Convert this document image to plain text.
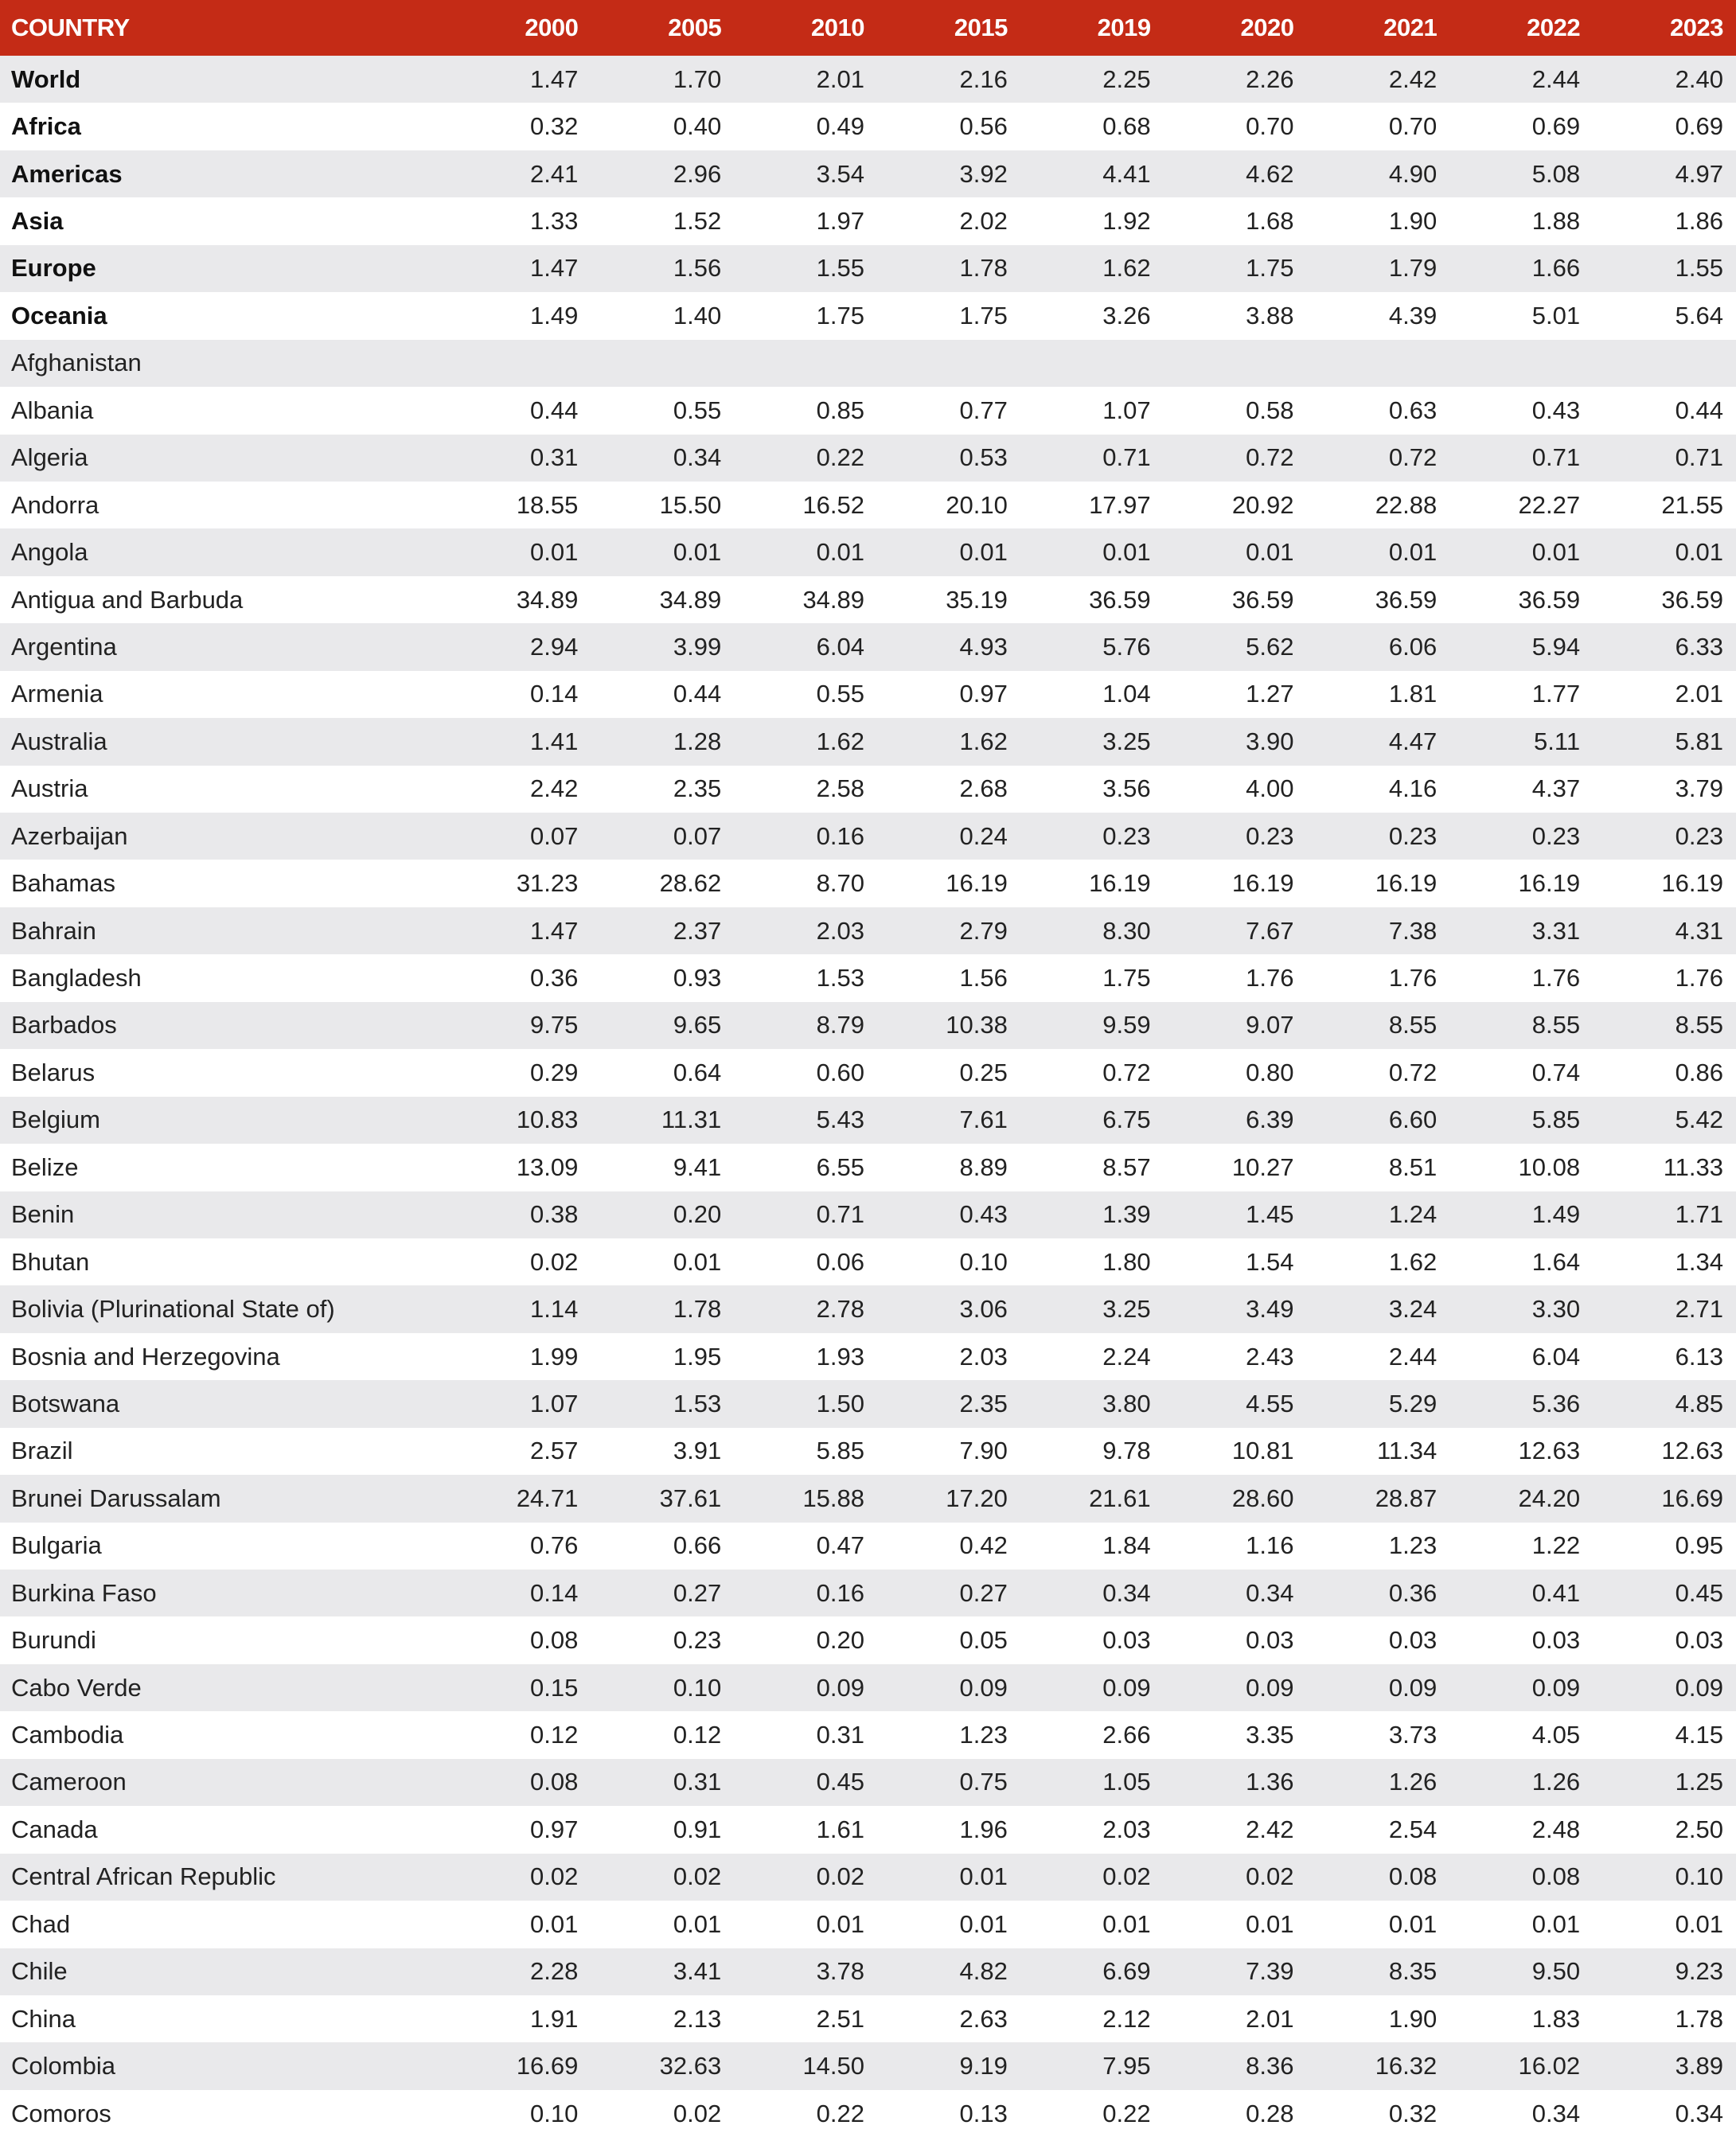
COUNTRY	2000	2005	2010	2015	2019	2020	2021	2022	2023
World	1.47	1.70	2.01	2.16	2.25	2.26	2.42	2.44	2.40
Africa	0.32	0.40	0.49	0.56	0.68	0.70	0.70	0.69	0.69
Americas	2.41	2.96	3.54	3.92	4.41	4.62	4.90	5.08	4.97
Asia	1.33	1.52	1.97	2.02	1.92	1.68	1.90	1.88	1.86
Europe	1.47	1.56	1.55	1.78	1.62	1.75	1.79	1.66	1.55
Oceania	1.49	1.40	1.75	1.75	3.26	3.88	4.39	5.01	5.64
Afghanistan									
Albania	0.44	0.55	0.85	0.77	1.07	0.58	0.63	0.43	0.44
Algeria	0.31	0.34	0.22	0.53	0.71	0.72	0.72	0.71	0.71
Andorra	18.55	15.50	16.52	20.10	17.97	20.92	22.88	22.27	21.55
Angola	0.01	0.01	0.01	0.01	0.01	0.01	0.01	0.01	0.01
Antigua and Barbuda	34.89	34.89	34.89	35.19	36.59	36.59	36.59	36.59	36.59
Argentina	2.94	3.99	6.04	4.93	5.76	5.62	6.06	5.94	6.33
Armenia	0.14	0.44	0.55	0.97	1.04	1.27	1.81	1.77	2.01
Australia	1.41	1.28	1.62	1.62	3.25	3.90	4.47	5.11	5.81
Austria	2.42	2.35	2.58	2.68	3.56	4.00	4.16	4.37	3.79
Azerbaijan	0.07	0.07	0.16	0.24	0.23	0.23	0.23	0.23	0.23
Bahamas	31.23	28.62	8.70	16.19	16.19	16.19	16.19	16.19	16.19
Bahrain	1.47	2.37	2.03	2.79	8.30	7.67	7.38	3.31	4.31
Bangladesh	0.36	0.93	1.53	1.56	1.75	1.76	1.76	1.76	1.76
Barbados	9.75	9.65	8.79	10.38	9.59	9.07	8.55	8.55	8.55
Belarus	0.29	0.64	0.60	0.25	0.72	0.80	0.72	0.74	0.86
Belgium	10.83	11.31	5.43	7.61	6.75	6.39	6.60	5.85	5.42
Belize	13.09	9.41	6.55	8.89	8.57	10.27	8.51	10.08	11.33
Benin	0.38	0.20	0.71	0.43	1.39	1.45	1.24	1.49	1.71
Bhutan	0.02	0.01	0.06	0.10	1.80	1.54	1.62	1.64	1.34
Bolivia (Plurinational State of)	1.14	1.78	2.78	3.06	3.25	3.49	3.24	3.30	2.71
Bosnia and Herzegovina	1.99	1.95	1.93	2.03	2.24	2.43	2.44	6.04	6.13
Botswana	1.07	1.53	1.50	2.35	3.80	4.55	5.29	5.36	4.85
Brazil	2.57	3.91	5.85	7.90	9.78	10.81	11.34	12.63	12.63
Brunei Darussalam	24.71	37.61	15.88	17.20	21.61	28.60	28.87	24.20	16.69
Bulgaria	0.76	0.66	0.47	0.42	1.84	1.16	1.23	1.22	0.95
Burkina Faso	0.14	0.27	0.16	0.27	0.34	0.34	0.36	0.41	0.45
Burundi	0.08	0.23	0.20	0.05	0.03	0.03	0.03	0.03	0.03
Cabo Verde	0.15	0.10	0.09	0.09	0.09	0.09	0.09	0.09	0.09
Cambodia	0.12	0.12	0.31	1.23	2.66	3.35	3.73	4.05	4.15
Cameroon	0.08	0.31	0.45	0.75	1.05	1.36	1.26	1.26	1.25
Canada	0.97	0.91	1.61	1.96	2.03	2.42	2.54	2.48	2.50
Central African Republic	0.02	0.02	0.02	0.01	0.02	0.02	0.08	0.08	0.10
Chad	0.01	0.01	0.01	0.01	0.01	0.01	0.01	0.01	0.01
Chile	2.28	3.41	3.78	4.82	6.69	7.39	8.35	9.50	9.23
China	1.91	2.13	2.51	2.63	2.12	2.01	1.90	1.83	1.78
Colombia	16.69	32.63	14.50	9.19	7.95	8.36	16.32	16.02	3.89
Comoros	0.10	0.02	0.22	0.13	0.22	0.28	0.32	0.34	0.34
